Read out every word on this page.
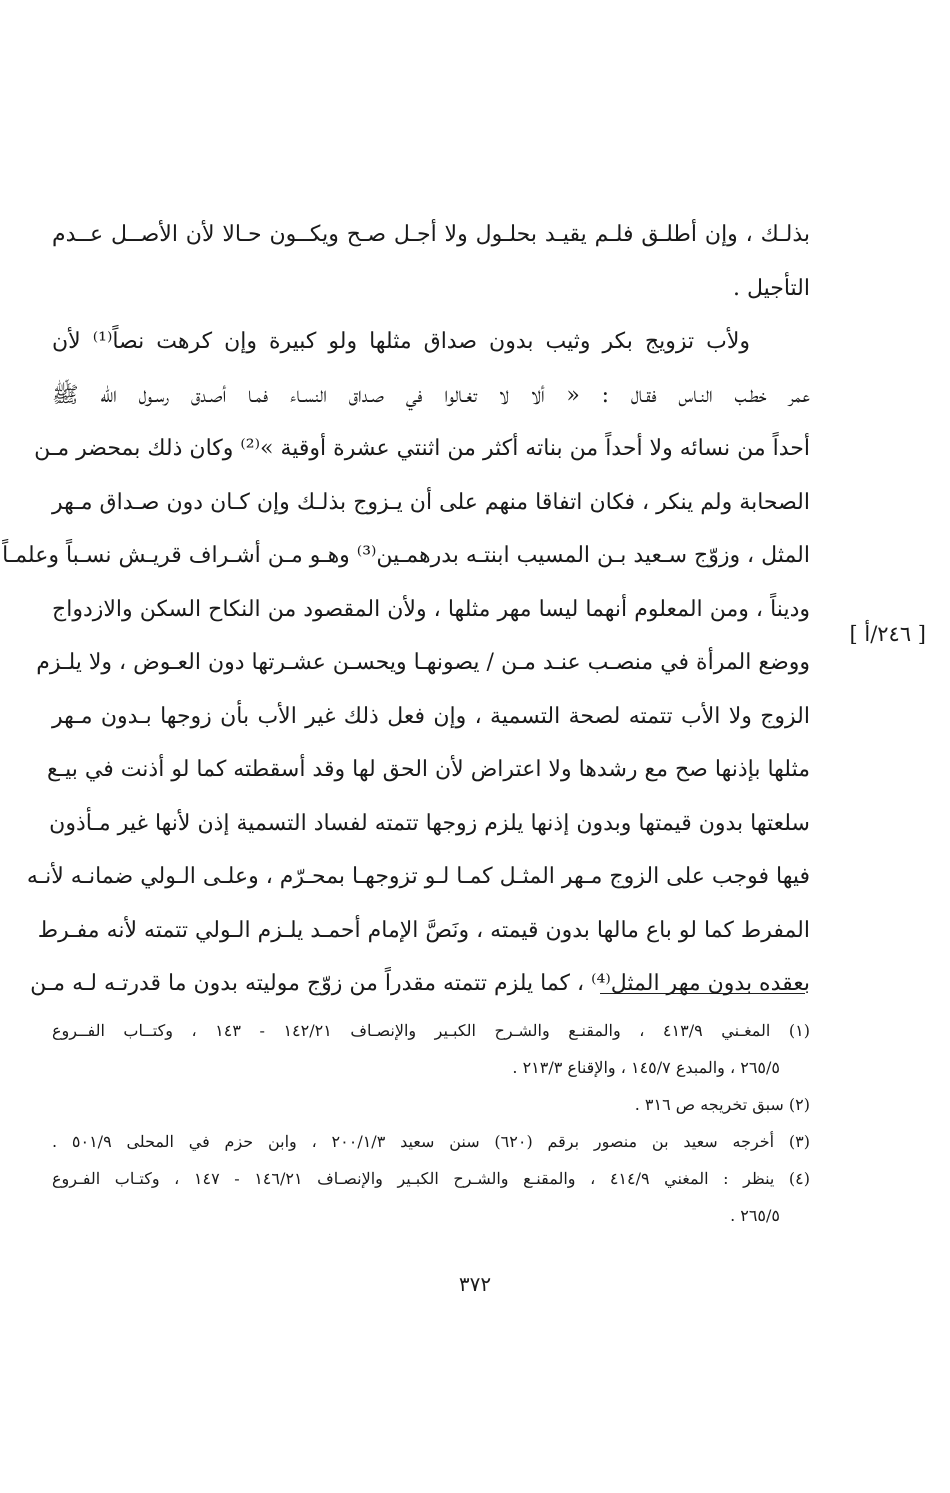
بذلـك ، وإن أطلـق فلـم يقيـد بحلـول ولا أجـل صـح ويكــون حـالا لأن الأصــل عــدم
التأجيل .
ولأب تزويج بكر وثيب بدون صداق مثلها ولو كبيرة وإن كرهت نصاً⁽¹⁾ لأن
عمر خطـب النـاس فقـال : « ألا لا تغـالوا في صـداق النسـاء فمـا أصـدق رسـول الله ﷺ
أحداً من نسائه ولا أحداً من بناته أكثر من اثنتي عشرة أوقية »⁽²⁾ وكان ذلك بمحضر مـن
الصحابة ولم ينكر ، فكان اتفاقا منهم على أن يـزوج بذلـك وإن كـان دون صـداق مـهر
المثل ، وزوّج سـعيد بـن المسيب ابنتـه بدرهمـين⁽³⁾ وهـو مـن أشـراف قريـش نسـباً وعلمـاً
وديناً ، ومن المعلوم أنهما ليسا مهر مثلها ، ولأن المقصود من النكاح السكن والازدواج
ووضع المرأة في منصـب عنـد مـن / يصونهـا ويحسـن عشـرتها دون العـوض ، ولا يلـزم
الزوج ولا الأب تتمته لصحة التسمية ، وإن فعل ذلك غير الأب بأن زوجها بـدون مـهر
مثلها بإذنها صح مع رشدها ولا اعتراض لأن الحق لها وقد أسقطته كما لو أذنت في بيـع
سلعتها بدون قيمتها وبدون إذنها يلزم زوجها تتمته لفساد التسمية إذن لأنها غير مـأذون
فيها فوجب على الزوج مـهر المثـل كمـا لـو تزوجهـا بمحـرّم ، وعلـى الـولي ضمانـه لأنـه
المفرط كما لو باع مالها بدون قيمته ، ونَصَّ الإمام أحمـد يلـزم الـولي تتمته لأنه مفـرط
بعقده بدون مهر المثل⁽⁴⁾ ، كما يلزم تتمته مقدراً من زوّج موليته بدون ما قدرتـه لـه مـن
[ ٢٤٦/أ ]
(١) المغـني ٤١٣/٩ ، والمقنـع والشـرح الكبـير والإنصـاف ١٤٢/٢١ - ١٤٣ ، وكتــاب الفــروع
٢٦٥/٥ ، والمبدع ١٤٥/٧ ، والإقناع ٢١٣/٣ .
(٢) سبق تخريجه ص ٣١٦ .
(٣) أخرجه سعيد بن منصور برقم (٦٢٠) سنن سعيد ٢٠٠/١/٣ ، وابن حزم في المحلى ٥٠١/٩ .
(٤) ينظر : المغني ٤١٤/٩ ، والمقنـع والشـرح الكبـير والإنصـاف ١٤٦/٢١ - ١٤٧ ، وكتـاب الفـروع
٢٦٥/٥ .
٣٧٢
